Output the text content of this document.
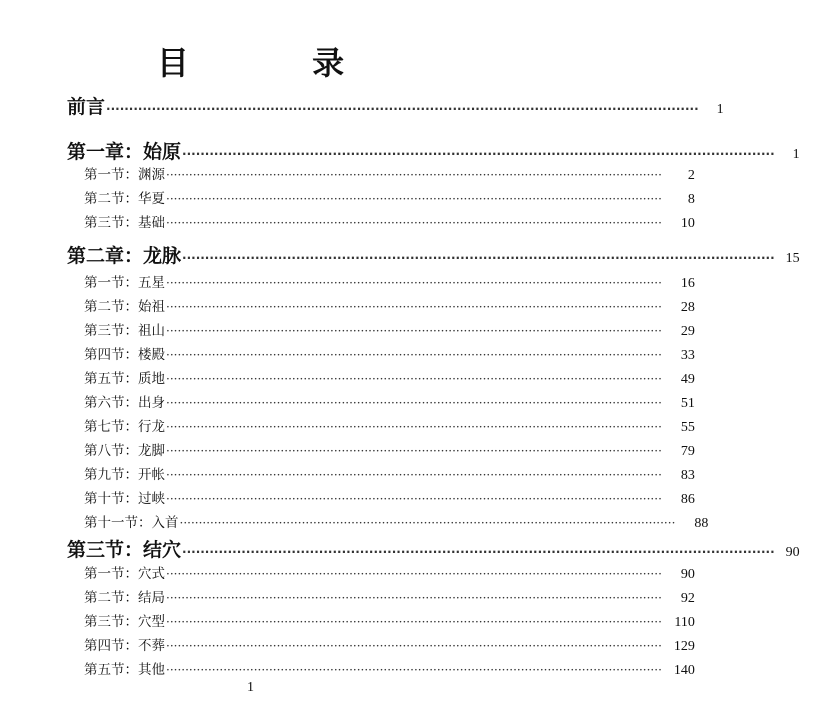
目 录
前言 ·····	1
第一章：始原 ·····	1
第一节：渊源 ·····	2
第二节：华夏 ·····	8
第三节：基础 ·····	10
第二章：龙脉 ·····	15
第一节：五星 ·····	16
第二节：始祖 ·····	28
第三节：祖山 ·····	29
第四节：楼殿 ·····	33
第五节：质地 ·····	49
第六节：出身 ·····	51
第七节：行龙 ·····	55
第八节：龙脚 ·····	79
第九节：开帐 ·····	83
第十节：过峡 ·····	86
第十一节：入首 ·····	88
第三节：结穴 ·····	90
第一节：穴式 ·····	90
第二节：结局 ·····	92
第三节：穴型 ·····	110
第四节：不葬 ·····	129
第五节：其他 ·····	140
1
